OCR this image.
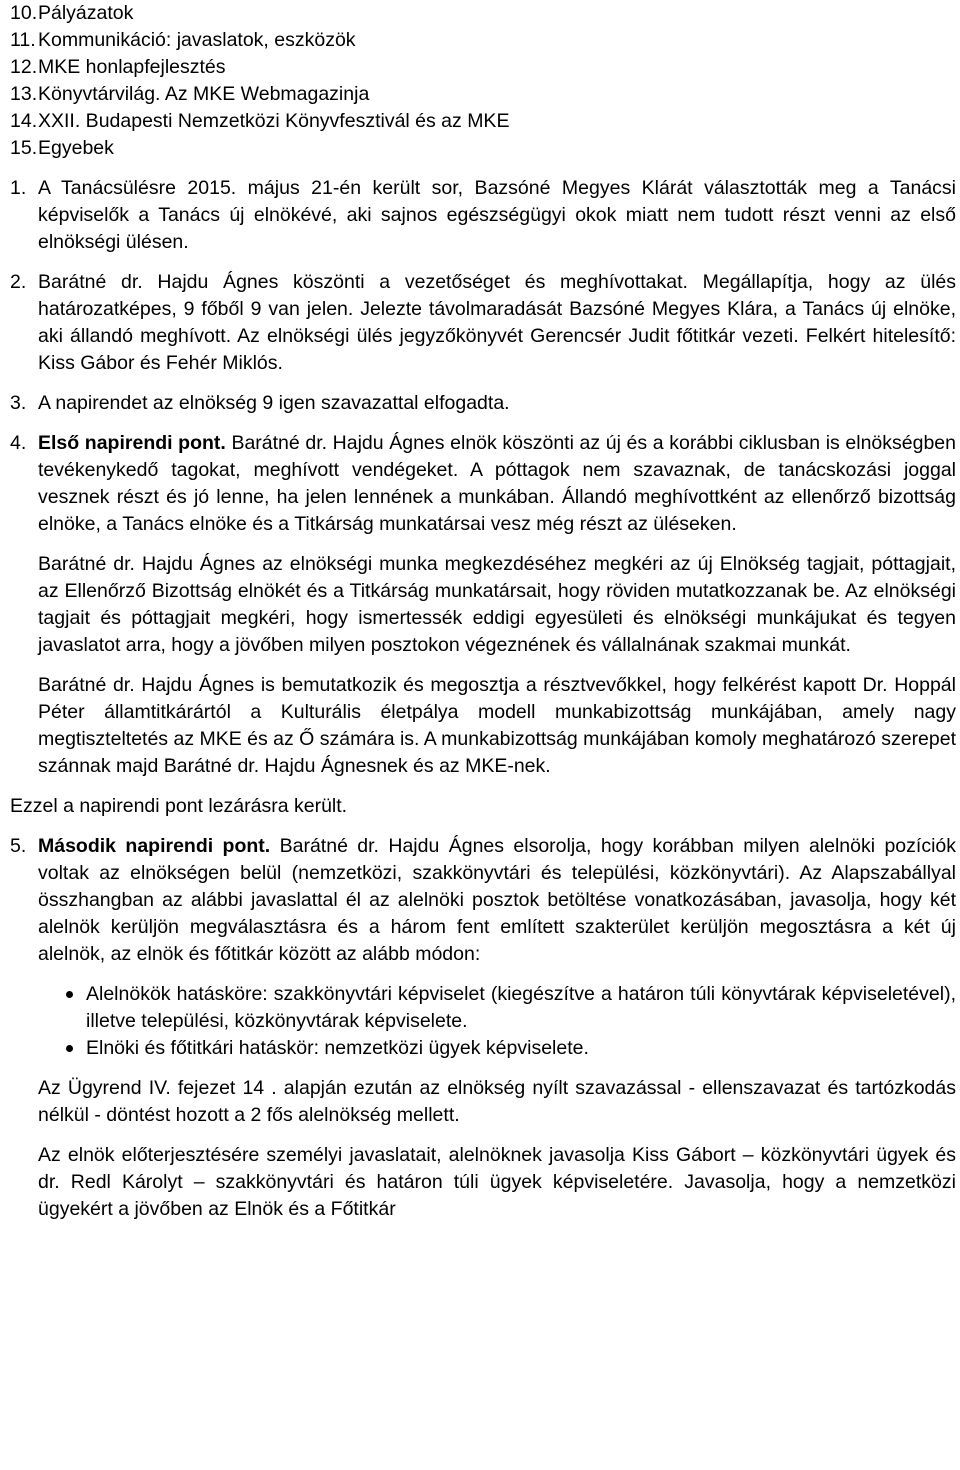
10. Pályázatok
11. Kommunikáció: javaslatok, eszközök
12. MKE honlapfejlesztés
13. Könyvtárvilág. Az MKE Webmagazinja
14. XXII. Budapesti Nemzetközi Könyvfesztivál és az MKE
15. Egyebek
1. A Tanácsülésre 2015. május 21-én került sor, Bazsóné Megyes Klárát választották meg a Tanácsi képviselők a Tanács új elnökévé, aki sajnos egészségügyi okok miatt nem tudott részt venni az első elnökségi ülésen.
2. Barátné dr. Hajdu Ágnes köszönti a vezetőséget és meghívottakat. Megállapítja, hogy az ülés határozatképes, 9 főből 9 van jelen. Jelezte távolmaradását Bazsóné Megyes Klára, a Tanács új elnöke, aki állandó meghívott. Az elnökségi ülés jegyzőkönyvét Gerencsér Judit főtitkár vezeti. Felkért hitelesítő: Kiss Gábor és Fehér Miklós.
3. A napirendet az elnökség 9 igen szavazattal elfogadta.
4. Első napirendi pont. Barátné dr. Hajdu Ágnes elnök köszönti az új és a korábbi ciklusban is elnökségben tevékenykedő tagokat, meghívott vendégeket. A póttagok nem szavaznak, de tanácskozási joggal vesznek részt és jó lenne, ha jelen lennének a munkában. Állandó meghívottként az ellenőrző bizottság elnöke, a Tanács elnöke és a Titkárság munkatársai vesz még részt az üléseken.
Barátné dr. Hajdu Ágnes az elnökségi munka megkezdéséhez megkéri az új Elnökség tagjait, póttagjait, az Ellenőrző Bizottság elnökét és a Titkárság munkatársait, hogy röviden mutatkozzanak be. Az elnökségi tagjait és póttagjait megkéri, hogy ismertessék eddigi egyesületi és elnökségi munkájukat és tegyen javaslatot arra, hogy a jövőben milyen posztokon végeznének és vállalnának szakmai munkát.
Barátné dr. Hajdu Ágnes is bemutatkozik és megosztja a résztvevőkkel, hogy felkérést kapott Dr. Hoppál Péter államtitkárártól a Kulturális életpálya modell munkabizottság munkájában, amely nagy megtiszteltetés az MKE és az Ő számára is. A munkabizottság munkájában komoly meghatározó szerepet szánnak majd Barátné dr. Hajdu Ágnesnek és az MKE-nek.
Ezzel a napirendi pont lezárásra került.
5. Második napirendi pont. Barátné dr. Hajdu Ágnes elsorolja, hogy korábban milyen alelnöki pozíciók voltak az elnökségen belül (nemzetközi, szakkönyvtári és települési, közkönyvtári). Az Alapszabállyal összhangban az alábbi javaslattal él az alelnöki posztok betöltése vonatkozásában, javasolja, hogy két alelnök kerüljön megválasztásra és a három fent említett szakterület kerüljön megosztásra a két új alelnök, az elnök és főtitkár között az alább módon:
Alelnökök hatásköre: szakkönyvtári képviselet (kiegészítve a határon túli könyvtárak képviseletével), illetve települési, közkönyvtárak képviselete.
Elnöki és főtitkári hatáskör: nemzetközi ügyek képviselete.
Az Ügyrend IV. fejezet 14 . alapján ezután az elnökség nyílt szavazással - ellenszavazat és tartózkodás nélkül - döntést hozott a 2 fős alelnökség mellett.
Az elnök előterjesztésére személyi javaslatait, alelnöknek javasolja Kiss Gábort – közkönyvtári ügyek és dr. Redl Károlyt – szakkönyvtári és határon túli ügyek képviseletére. Javasolja, hogy a nemzetközi ügyekért a jövőben az Elnök és a Főtitkár
